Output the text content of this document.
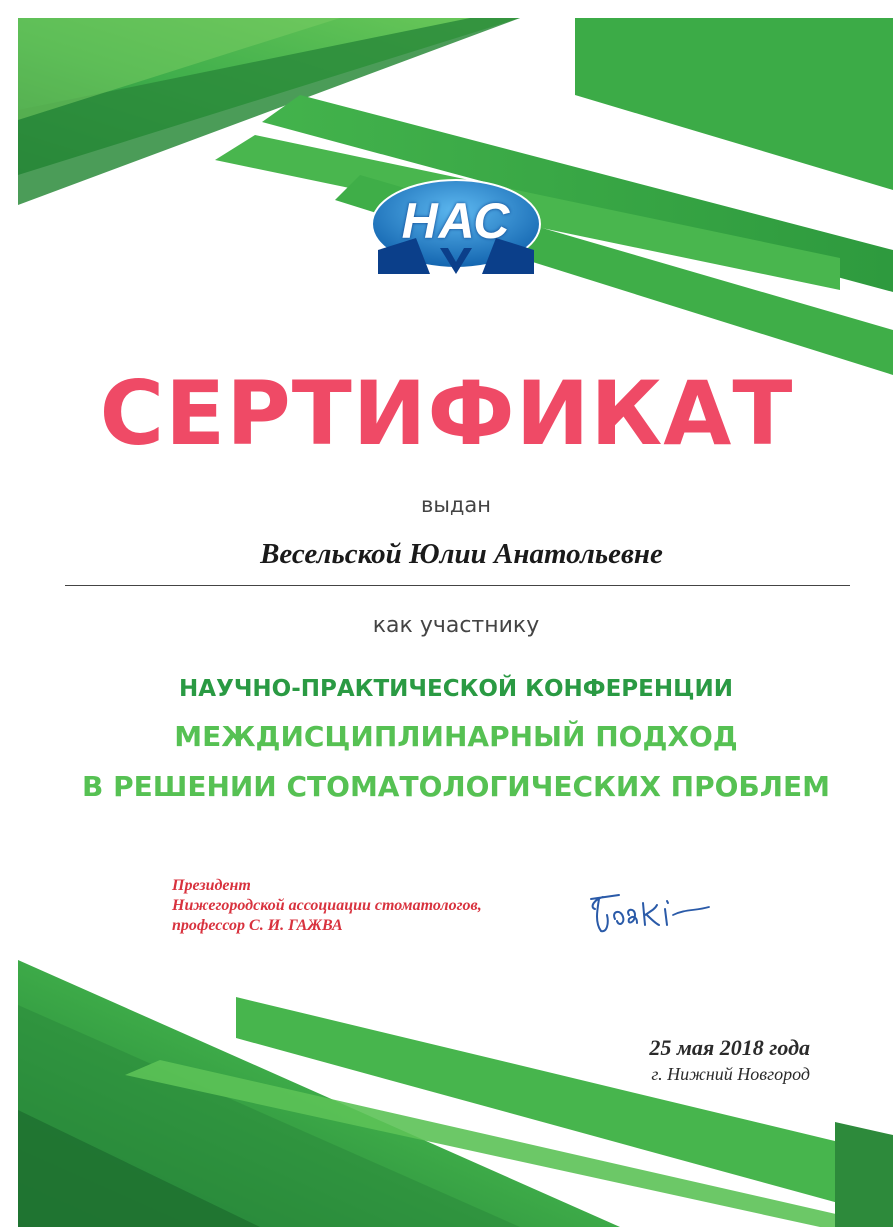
НАС
СЕРТИФИКАТ
выдан
Весельской Юлии Анатольевне
как участнику
НАУЧНО-ПРАКТИЧЕСКОЙ КОНФЕРЕНЦИИ
МЕЖДИСЦИПЛИНАРНЫЙ ПОДХОД
В РЕШЕНИИ СТОМАТОЛОГИЧЕСКИХ ПРОБЛЕМ
Президент
Нижегородской ассоциации стоматологов,
профессор С. И. ГАЖВА
25 мая 2018 года
г. Нижний Новгород
